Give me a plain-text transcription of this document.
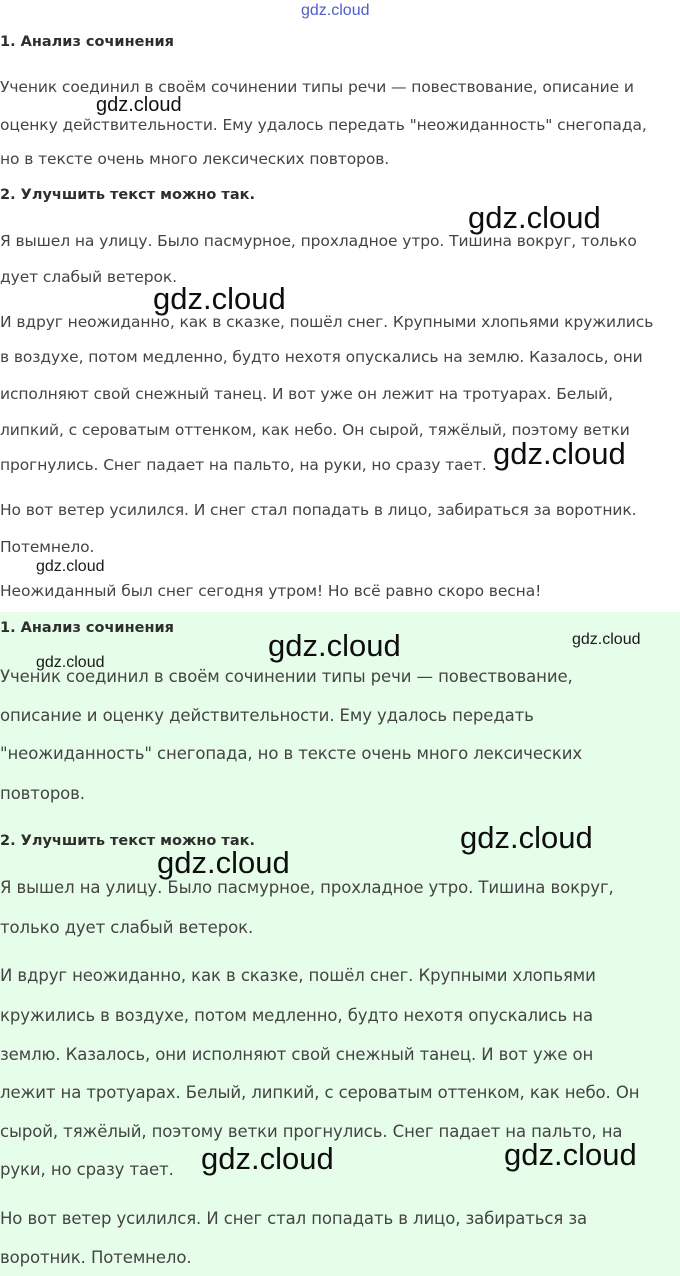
gdz.cloud
1. Анализ сочинения
Ученик соединил в своём сочинении типы речи — повествование, описание и
оценку действительности. Ему удалось передать "неожиданность" снегопада,
но в тексте очень много лексических повторов.
2. Улучшить текст можно так.
Я вышел на улицу. Было пасмурное, прохладное утро. Тишина вокруг, только
дует слабый ветерок.
И вдруг неожиданно, как в сказке, пошёл снег. Крупными хлопьями кружились
в воздухе, потом медленно, будто нехотя опускались на землю. Казалось, они
исполняют свой снежный танец. И вот уже он лежит на тротуарах. Белый,
липкий, с сероватым оттенком, как небо. Он сырой, тяжёлый, поэтому ветки
прогнулись. Снег падает на пальто, на руки, но сразу тает.
Но вот ветер усилился. И снег стал попадать в лицо, забираться за воротник.
Потемнело.
Неожиданный был снег сегодня утром! Но всё равно скоро весна!
1. Анализ сочинения
Ученик соединил в своём сочинении типы речи — повествование,
описание и оценку действительности. Ему удалось передать
"неожиданность" снегопада, но в тексте очень много лексических
повторов.
2. Улучшить текст можно так.
Я вышел на улицу. Было пасмурное, прохладное утро. Тишина вокруг,
только дует слабый ветерок.
И вдруг неожиданно, как в сказке, пошёл снег. Крупными хлопьями
кружились в воздухе, потом медленно, будто нехотя опускались на
землю. Казалось, они исполняют свой снежный танец. И вот уже он
лежит на тротуарах. Белый, липкий, с сероватым оттенком, как небо. Он
сырой, тяжёлый, поэтому ветки прогнулись. Снег падает на пальто, на
руки, но сразу тает.
Но вот ветер усилился. И снег стал попадать в лицо, забираться за
воротник. Потемнело.
gdz.cloud
gdz.cloud
gdz.cloud
gdz.cloud
gdz.cloud
gdz.cloud	gdz.cloud
gdz.cloud
gdz.cloud
gdz.cloud
gdz.cloud	gdz.cloud
